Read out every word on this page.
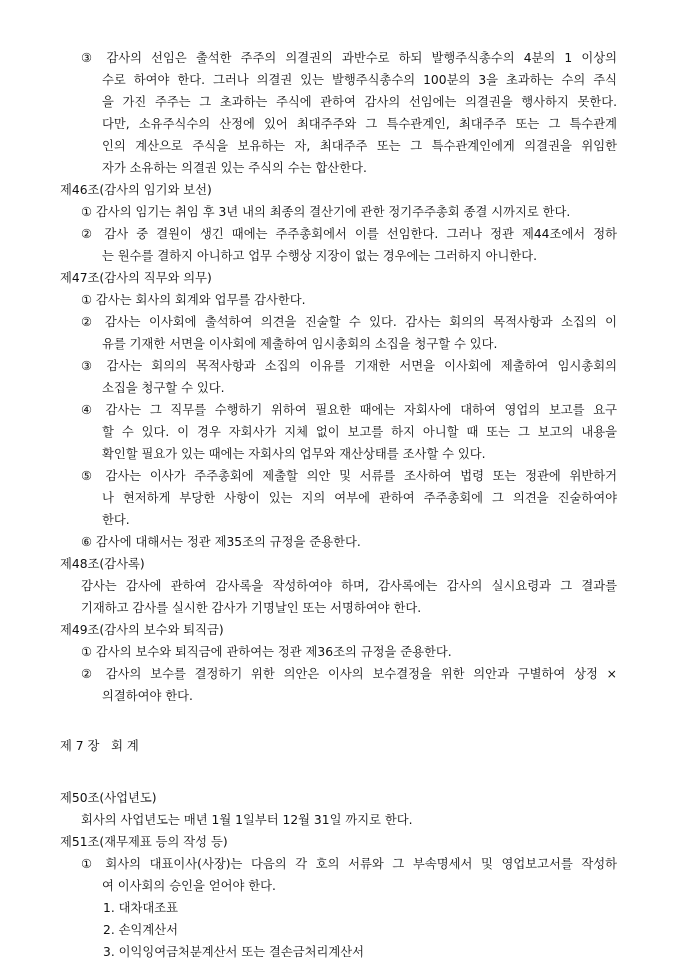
③ 감사의 선임은 출석한 주주의 의결권의 과반수로 하되 발행주식총수의 4분의 1 이상의
수로 하여야 한다. 그러나 의결권 있는 발행주식총수의 100분의 3을 초과하는 수의 주식
을 가진 주주는 그 초과하는 주식에 관하여 감사의 선임에는 의결권을 행사하지 못한다.
다만, 소유주식수의 산정에 있어 최대주주와 그 특수관계인, 최대주주 또는 그 특수관계
인의 계산으로 주식을 보유하는 자, 최대주주 또는 그 특수관계인에게 의결권을 위임한
자가 소유하는 의결권 있는 주식의 수는 합산한다.
제46조(감사의 임기와 보선)
① 감사의 임기는 취임 후 3년 내의 최종의 결산기에 관한 정기주주총회 종결 시까지로 한다.
② 감사 중 결원이 생긴 때에는 주주총회에서 이를 선임한다. 그러나 정관 제44조에서 정하
는 원수를 결하지 아니하고 업무 수행상 지장이 없는 경우에는 그러하지 아니한다.
제47조(감사의 직무와 의무)
① 감사는 회사의 회계와 업무를 감사한다.
② 감사는 이사회에 출석하여 의견을 진술할 수 있다. 감사는 회의의 목적사항과 소집의 이
유를 기재한 서면을 이사회에 제출하여 임시총회의 소집을 청구할 수 있다.
③ 감사는 회의의 목적사항과 소집의 이유를 기재한 서면을 이사회에 제출하여 임시총회의
소집을 청구할 수 있다.
④ 감사는 그 직무를 수행하기 위하여 필요한 때에는 자회사에 대하여 영업의 보고를 요구
할 수 있다. 이 경우 자회사가 지체 없이 보고를 하지 아니할 때 또는 그 보고의 내용을
확인할 필요가 있는 때에는 자회사의 업무와 재산상태를 조사할 수 있다.
⑤ 감사는 이사가 주주총회에 제출할 의안 및 서류를 조사하여 법령 또는 정관에 위반하거
나 현저하게 부당한 사항이 있는 지의 여부에 관하여 주주총회에 그 의견을 진술하여야
한다.
⑥ 감사에 대해서는 정관 제35조의 규정을 준용한다.
제48조(감사록)
감사는 감사에 관하여 감사록을 작성하여야 하며, 감사록에는 감사의 실시요령과 그 결과를
기재하고 감사를 실시한 감사가 기명날인 또는 서명하여야 한다.
제49조(감사의 보수와 퇴직금)
① 감사의 보수와 퇴직금에 관하여는 정관 제36조의 규정을 준용한다.
② 감사의 보수를 결정하기 위한 의안은 이사의 보수결정을 위한 의안과 구별하여 상정 ×
의결하여야 한다.
제 7 장   회 계
제50조(사업년도)
회사의 사업년도는 매년 1월 1일부터 12월 31일 까지로 한다.
제51조(재무제표 등의 작성 등)
① 회사의 대표이사(사장)는 다음의 각 호의 서류와 그 부속명세서 및 영업보고서를 작성하
여 이사회의 승인을 얻어야 한다.
1. 대차대조표
2. 손익계산서
3. 이익잉여금처분계산서 또는 결손금처리계산서
